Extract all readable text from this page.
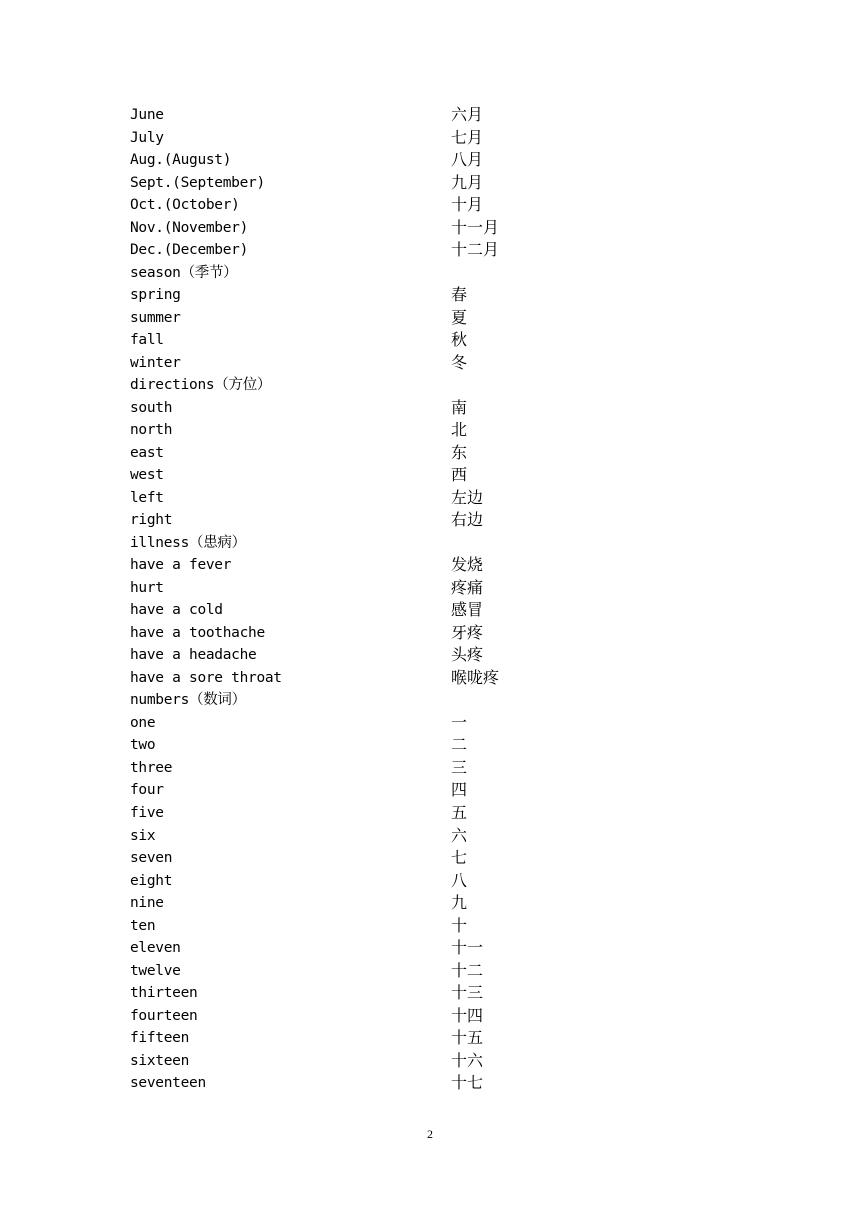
June	六月
July	七月
Aug.(August)	八月
Sept.(September)	九月
Oct.(October)	十月
Nov.(November)	十一月
Dec.(December)	十二月
season（季节）
spring	春
summer	夏
fall	秋
winter	冬
directions（方位）
south	南
north	北
east	东
west	西
left	左边
right	右边
illness（患病）
have a fever	发烧
hurt	疼痛
have a cold	感冒
have a toothache	牙疼
have a headache	头疼
have a sore throat	喉咙疼
numbers（数词）
one	一
two	二
three	三
four	四
five	五
six	六
seven	七
eight	八
nine	九
ten	十
eleven	十一
twelve	十二
thirteen	十三
fourteen	十四
fifteen	十五
sixteen	十六
seventeen	十七
2
